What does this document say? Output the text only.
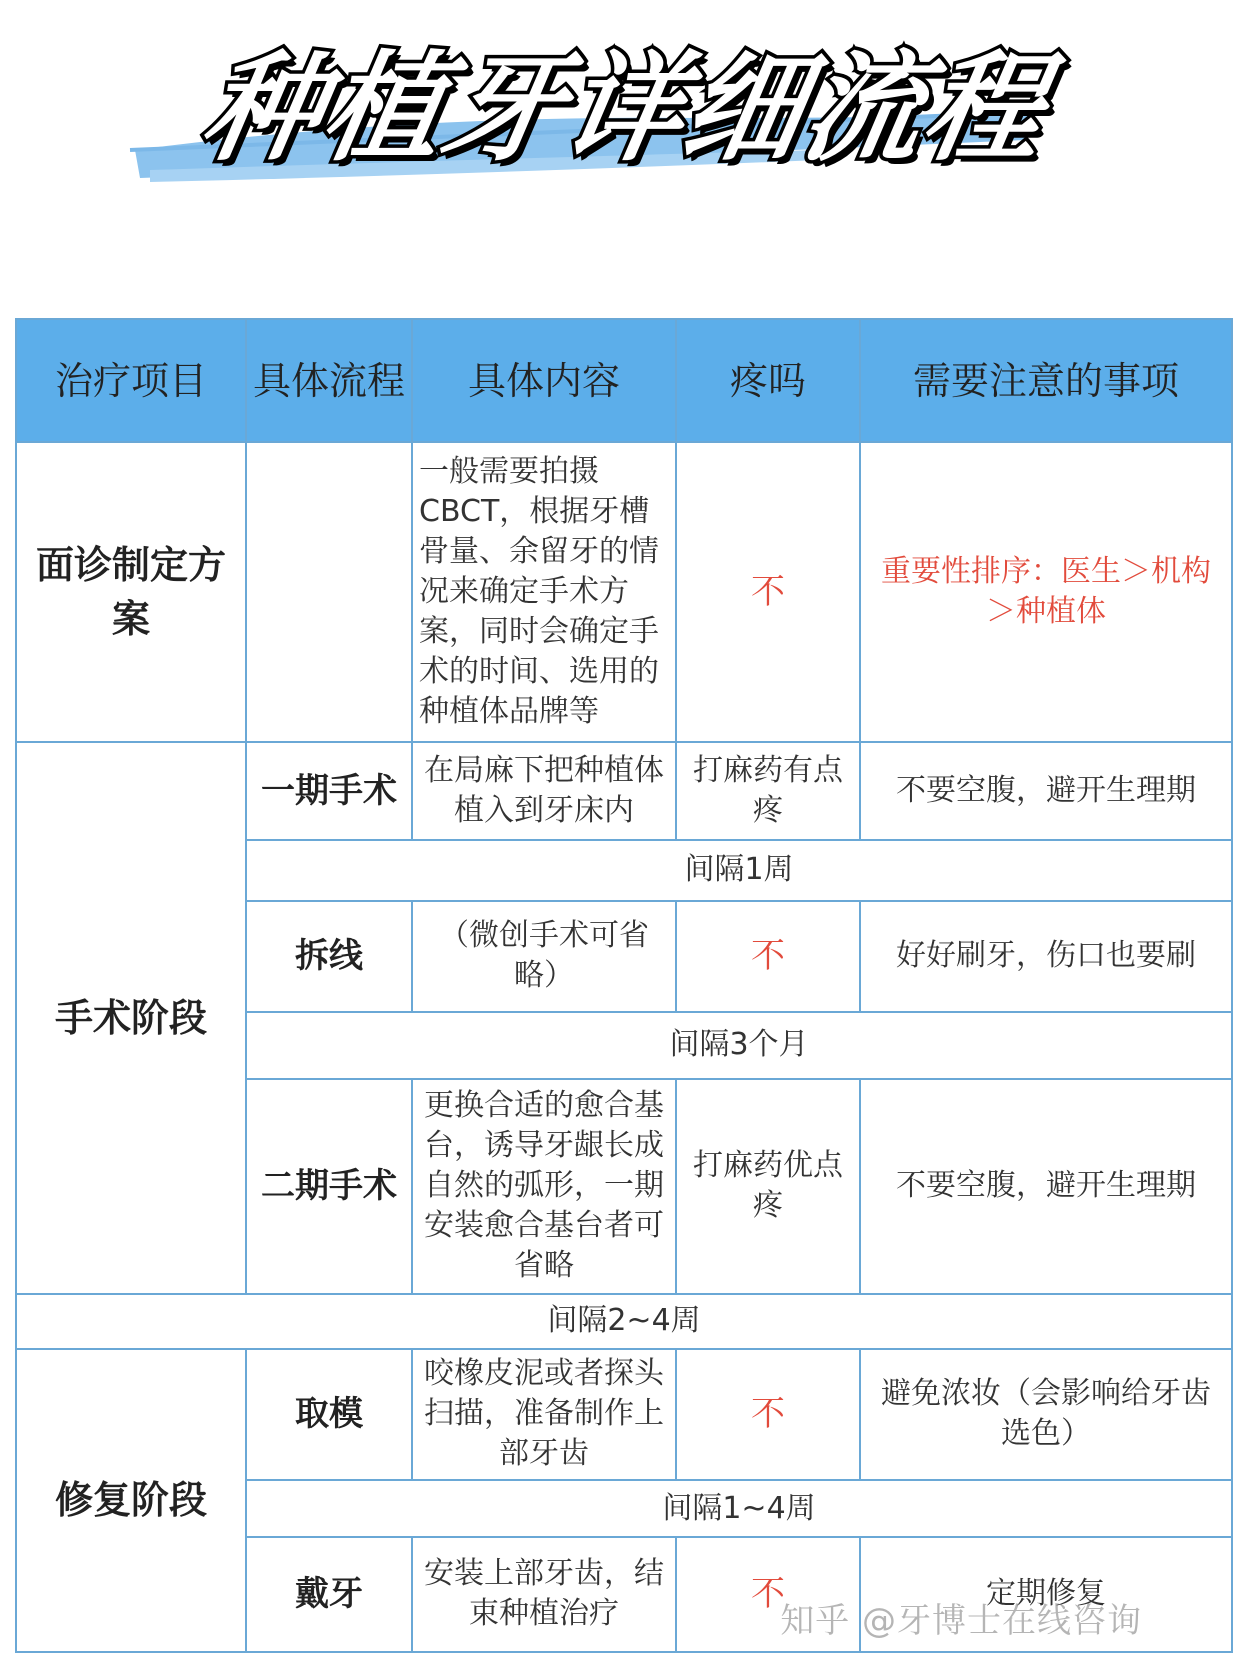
种植牙详细流程
治疗项目	具体流程	具体内容	疼吗	需要注意的事项
面诊制定方案		一般需要拍摄CBCT，根据牙槽骨量、余留牙的情况来确定手术方案，同时会确定手术的时间、选用的种植体品牌等	不	重要性排序：医生＞机构＞种植体
手术阶段	一期手术	在局麻下把种植体植入到牙床内	打麻药有点疼	不要空腹，避开生理期
	间隔1周			
	拆线	（微创手术可省略）	不	好好刷牙，伤口也要刷
	间隔3个月			
	二期手术	更换合适的愈合基台，诱导牙龈长成自然的弧形，一期安装愈合基台者可省略	打麻药优点疼	不要空腹，避开生理期
间隔2~4周				
修复阶段	取模	咬橡皮泥或者探头扫描，准备制作上部牙齿	不	避免浓妆（会影响给牙齿选色）
	间隔1~4周			
	戴牙	安装上部牙齿，结束种植治疗	不	定期修复
知乎 @牙博士在线咨询
